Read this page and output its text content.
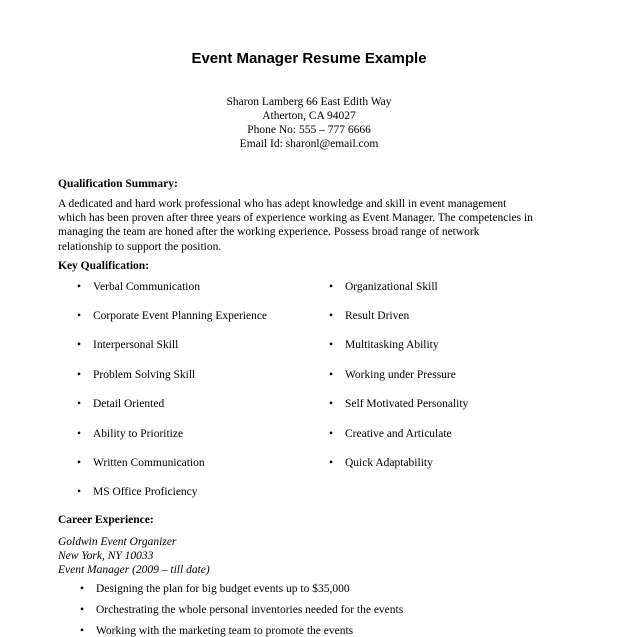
Event Manager Resume Example
Sharon Lamberg 66 East Edith Way
Atherton, CA 94027
Phone No: 555 – 777 6666
Email Id: sharonl@email.com
Qualification Summary:
A dedicated and hard work professional who has adept knowledge and skill in event management
which has been proven after three years of experience working as Event Manager. The competencies in
managing the team are honed after the working experience. Possess broad range of network
relationship to support the position.
Key Qualification:
• Verbal Communication
• Corporate Event Planning Experience
• Interpersonal Skill
• Problem Solving Skill
• Detail Oriented
• Ability to Prioritize
• Written Communication
• MS Office Proficiency
• Organizational Skill
• Result Driven
• Multitasking Ability
• Working under Pressure
• Self Motivated Personality
• Creative and Articulate
• Quick Adaptability
Career Experience:
Goldwin Event Organizer
New York, NY 10033
Event Manager (2009 – till date)
• Designing the plan for big budget events up to $35,000
• Orchestrating the whole personal inventories needed for the events
• Working with the marketing team to promote the events
